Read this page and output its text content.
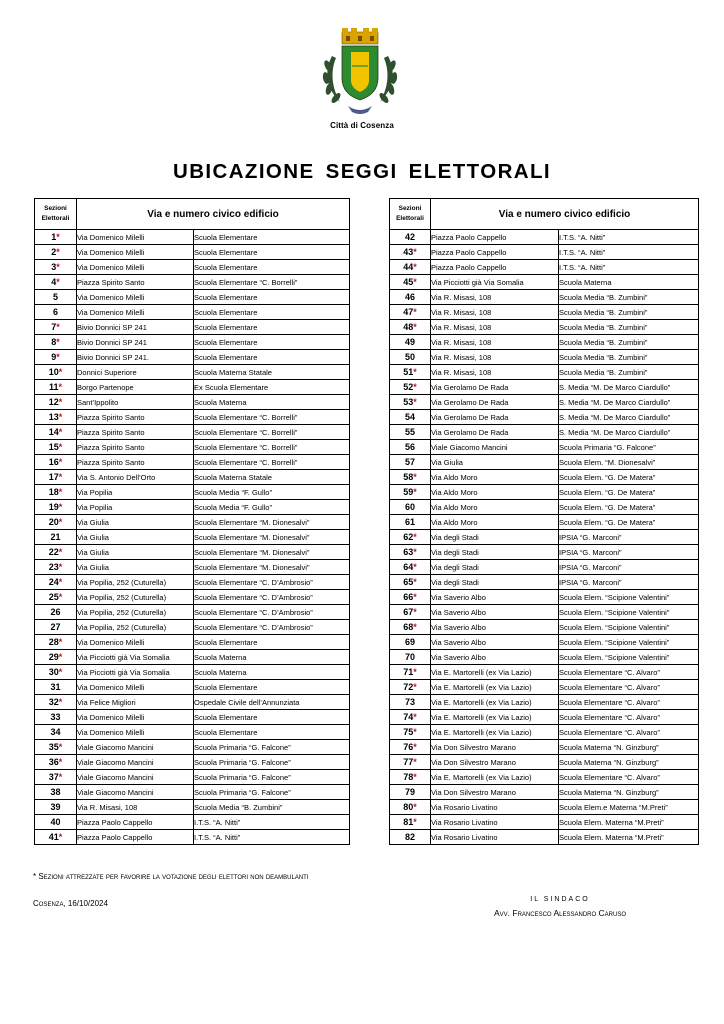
Città di Cosenza
UBICAZIONE SEGGI ELETTORALI
Sezioni
Elettorali	Via e numero civico edificio	
1*	Via Domenico Milelli	Scuola Elementare
2*	Via Domenico Milelli	Scuola Elementare
3*	Via Domenico Milelli	Scuola Elementare
4*	Piazza Spirito Santo	Scuola Elementare “C. Borrelli”
5	Via Domenico Milelli	Scuola Elementare
6	Via Domenico Milelli	Scuola Elementare
7*	Bivio Donnici SP 241	Scuola Elementare
8*	Bivio Donnici SP 241	Scuola Elementare
9*	Bivio Donnici SP 241.	Scuola Elementare
10*	Donnici Superiore	Scuola Materna Statale
11*	Borgo Partenope	Ex Scuola Elementare
12*	Sant’Ippolito	Scuola Materna
13*	Piazza Spirito Santo	Scuola Elementare “C. Borrelli”
14*	Piazza Spirito Santo	Scuola Elementare “C. Borrelli”
15*	Piazza Spirito Santo	Scuola Elementare “C. Borrelli”
16*	Piazza Spirito Santo	Scuola Elementare “C. Borrelli”
17*	Via S. Antonio Dell’Orto	Scuola Materna Statale
18*	Via Popilia	Scuola Media “F. Gullo”
19*	Via Popilia	Scuola Media “F. Gullo”
20*	Via Giulia	Scuola Elementare “M. Dionesalvi”
21	Via Giulia	Scuola Elementare “M. Dionesalvi”
22*	Via Giulia	Scuola Elementare “M. Dionesalvi”
23*	Via Giulia	Scuola Elementare “M. Dionesalvi”
24*	Via Popilia, 252 (Cuturella)	Scuola Elementare “C. D’Ambrosio”
25*	Via Popilia, 252 (Cuturella)	Scuola Elementare “C. D’Ambrosio”
26	Via Popilia, 252 (Cuturella)	Scuola Elementare “C. D’Ambrosio”
27	Via Popilia, 252 (Cuturella)	Scuola Elementare “C. D’Ambrosio”
28*	Via Domenico Milelli	Scuola Elementare
29*	Via Picciotti già Via Somalia	Scuola Materna
30*	Via Picciotti già Via Somalia	Scuola Materna
31	Via Domenico Milelli	Scuola Elementare
32*	Via Felice Migliori	Ospedale Civile dell’Annunziata
33	Via Domenico Milelli	Scuola Elementare
34	Via Domenico Milelli	Scuola Elementare
35*	Viale Giacomo Mancini	Scuola Primaria “G. Falcone”
36*	Viale Giacomo Mancini	Scuola Primaria “G. Falcone”
37*	Viale Giacomo Mancini	Scuola Primaria “G. Falcone”
38	Viale Giacomo Mancini	Scuola Primaria “G. Falcone”
39	Via R. Misasi, 108	Scuola Media “B. Zumbini”
40	Piazza Paolo Cappello	I.T.S. “A. Nitti”
41*	Piazza Paolo Cappello	I.T.S. “A. Nitti”
Sezioni
Elettorali	Via e numero civico edificio	
42	Piazza Paolo Cappello	I.T.S. “A. Nitti”
43*	Piazza Paolo Cappello	I.T.S. “A. Nitti”
44*	Piazza Paolo Cappello	I.T.S. “A. Nitti”
45*	Via Picciotti già Via Somalia	Scuola Materna
46	Via R. Misasi, 108	Scuola Media “B. Zumbini”
47*	Via R. Misasi, 108	Scuola Media “B. Zumbini”
48*	Via R. Misasi, 108	Scuola Media “B. Zumbini”
49	Via R. Misasi, 108	Scuola Media “B. Zumbini”
50	Via R. Misasi, 108	Scuola Media “B. Zumbini”
51*	Via R. Misasi, 108	Scuola Media “B. Zumbini”
52*	Via Gerolamo De Rada	S. Media “M. De Marco Ciardullo”
53*	Via Gerolamo De Rada	S. Media “M. De Marco Ciardullo”
54	Via Gerolamo De Rada	S. Media “M. De Marco Ciardullo”
55	Via Gerolamo De Rada	S. Media “M. De Marco Ciardullo”
56	Viale Giacomo Mancini	Scuola Primaria “G. Falcone”
57	Via Giulia	Scuola Elem. “M. Dionesalvi”
58*	Via Aldo Moro	Scuola Elem. “G. De Matera”
59*	Via Aldo Moro	Scuola Elem. “G. De Matera”
60	Via Aldo Moro	Scuola Elem. “G. De Matera”
61	Via Aldo Moro	Scuola Elem. “G. De Matera”
62*	Via degli Stadi	IPSIA “G. Marconi”
63*	Via degli Stadi	IPSIA “G. Marconi”
64*	Via degli Stadi	IPSIA “G. Marconi”
65*	Via degli Stadi	IPSIA “G. Marconi”
66*	Via Saverio Albo	Scuola Elem. “Scipione Valentini”
67*	Via Saverio Albo	Scuola Elem. “Scipione Valentini”
68*	Via Saverio Albo	Scuola Elem. “Scipione Valentini”
69	Via Saverio Albo	Scuola Elem. “Scipione Valentini”
70	Via Saverio Albo	Scuola Elem. “Scipione Valentini”
71*	Via E. Martorelli (ex Via Lazio)	Scuola Elementare “C. Alvaro”
72*	Via E. Martorelli (ex Via Lazio)	Scuola Elementare “C. Alvaro”
73	Via E. Martorelli (ex Via Lazio)	Scuola Elementare “C. Alvaro”
74*	Via E. Martorelli (ex Via Lazio)	Scuola Elementare “C. Alvaro”
75*	Via E. Martorelli (ex Via Lazio)	Scuola Elementare “C. Alvaro”
76*	Via Don Silvestro Marano	Scuola Materna “N. Ginzburg”
77*	Via Don Silvestro Marano	Scuola Materna “N. Ginzburg”
78*	Via E. Martorelli (ex Via Lazio)	Scuola Elementare “C. Alvaro”
79	Via Don Silvestro Marano	Scuola Materna “N. Ginzburg”
80*	Via Rosario Livatino	Scuola Elem.e Materna “M.Preti”
81*	Via Rosario Livatino	Scuola Elem. Materna “M.Preti”
82	Via Rosario Livatino	Scuola Elem. Materna “M.Preti”
* Sezioni attrezzate per favorire la votazione degli elettori non deambulanti
Cosenza, 16/10/2024	IL SINDACO
Avv. Francesco Alessandro Caruso
